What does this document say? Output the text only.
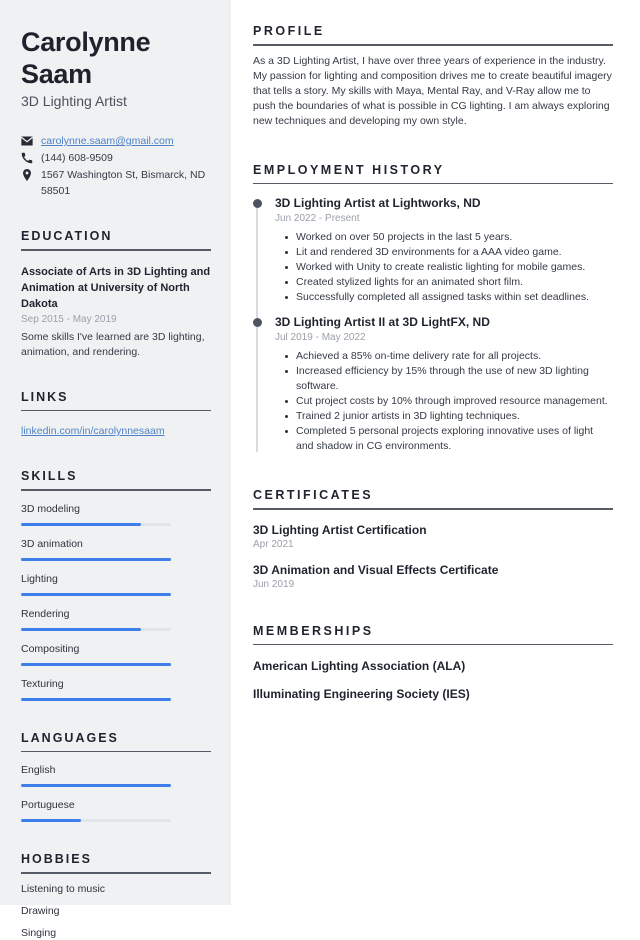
Carolynne Saam
3D Lighting Artist
carolynne.saam@gmail.com
(144) 608-9509
1567 Washington St, Bismarck, ND 58501
EDUCATION
Associate of Arts in 3D Lighting and Animation at University of North Dakota
Sep 2015 - May 2019
Some skills I've learned are 3D lighting, animation, and rendering.
LINKS
linkedin.com/in/carolynnesaam
SKILLS
3D modeling
3D animation
Lighting
Rendering
Compositing
Texturing
LANGUAGES
English
Portuguese
HOBBIES
Listening to music
Drawing
Singing
PROFILE

As a 3D Lighting Artist, I have over three years of experience in the industry. My passion for lighting and composition drives me to create beautiful imagery that tells a story. My skills with Maya, Mental Ray, and V-Ray allow me to push the boundaries of what is possible in CG lighting. I am always exploring new techniques and developing my own style.

EMPLOYMENT HISTORY
3D Lighting Artist at Lightworks, ND
Jun 2022 - Present
Worked on over 50 projects in the last 5 years.
Lit and rendered 3D environments for a AAA video game.
Worked with Unity to create realistic lighting for mobile games.
Created stylized lights for an animated short film.
Successfully completed all assigned tasks within set deadlines.
3D Lighting Artist II at 3D LightFX, ND
Jul 2019 - May 2022
Achieved a 85% on-time delivery rate for all projects.
Increased efficiency by 15% through the use of new 3D lighting software.
Cut project costs by 10% through improved resource management.
Trained 2 junior artists in 3D lighting techniques.
Completed 5 personal projects exploring innovative uses of light and shadow in CG environments.
CERTIFICATES
3D Lighting Artist Certification
Apr 2021
3D Animation and Visual Effects Certificate
Jun 2019
MEMBERSHIPS
American Lighting Association (ALA)
Illuminating Engineering Society (IES)
